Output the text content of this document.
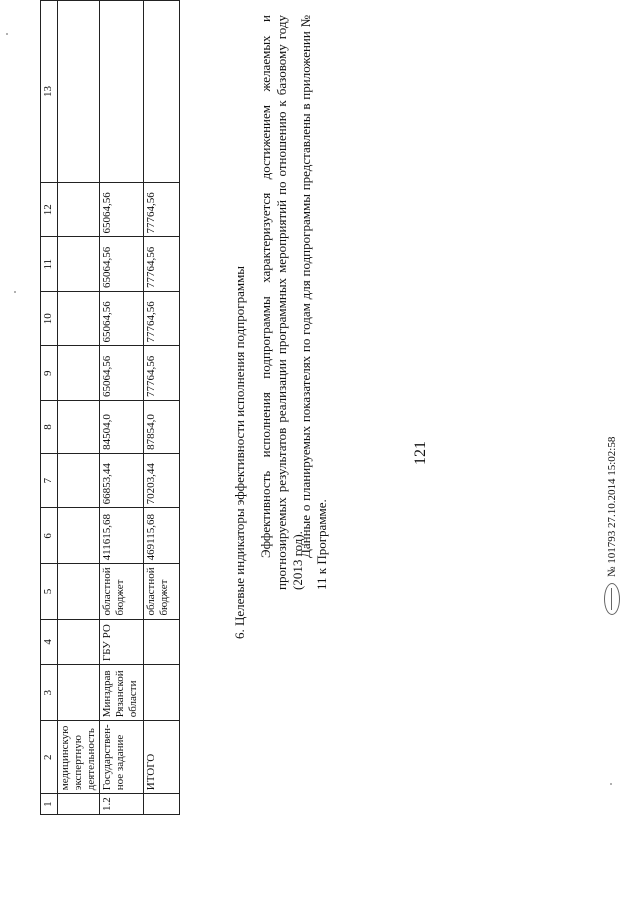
121
1	2	3	4	5	6	7	8	9	10	11	12	13
	медицинскую экспертную деятельность											
1.2	Государствен-ное задание	Минздрав Рязанской области	ГБУ РО	областной бюджет	411615,68	66853,44	84504,0	65064,56	65064,56	65064,56	65064,56	
	ИТОГО			областной бюджет	469115,68	70203,44	87854,0	77764,56	77764,56	77764,56	77764,56	
6. Целевые индикаторы эффективности исполнения подпрограммы Эффективность исполнения подпрограммы характеризуется достижением желаемых и прогнозируемых результатов реализации программных мероприятий по отношению к базовому году (2013 год).
Данные о планируемых показателях по годам для подпрограммы представлены в приложении № 11 к Программе.	№ 101793 27.10.2014 15:02:58
